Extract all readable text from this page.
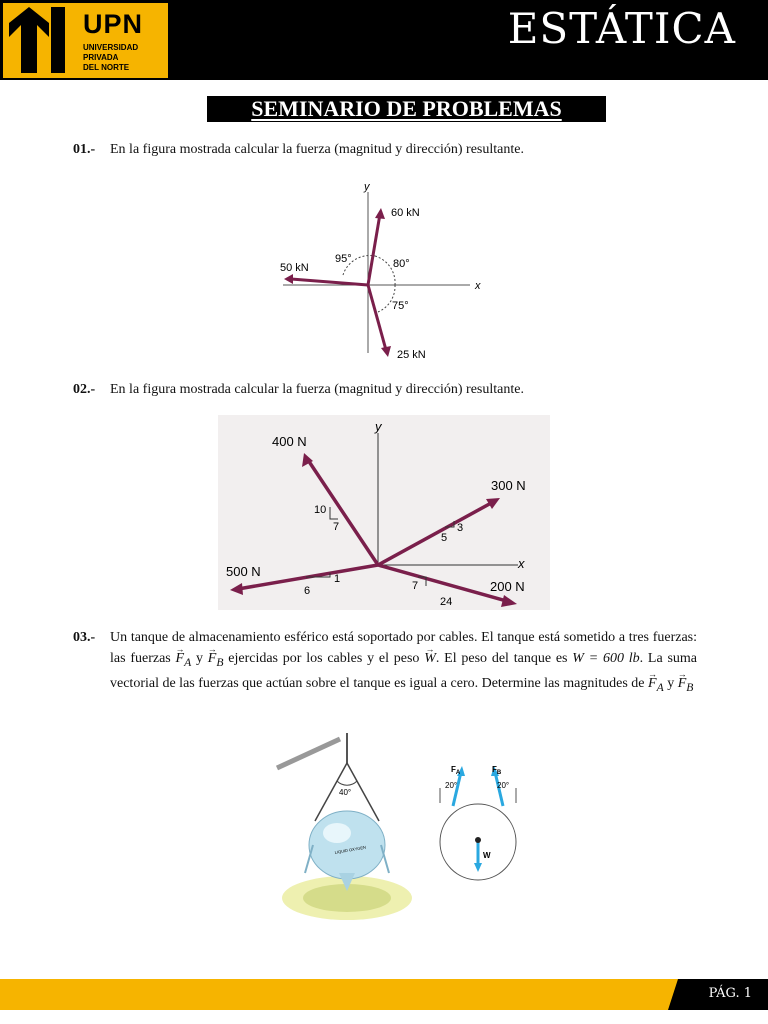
UPN
UNIVERSIDAD
PRIVADA
DEL NORTE
ESTÁTICA
SEMINARIO DE PROBLEMAS
01.- En la figura mostrada calcular la fuerza (magnitud y dirección) resultante.
x
y
60 kN
50 kN
25 kN
95°	80°
75°
02.- En la figura mostrada calcular la fuerza (magnitud y dirección) resultante.
x
y
400 N
300 N
500 N
200 N
10
7	3
5
1
6	7
24
03.- Un tanque de almacenamiento esférico está soportado por cables. El tanque está sometido a tres fuerzas: las fuerzas → $F_A$ $y \to F_B$ ejercidas por los cables y el peso → W. El peso del tanque es W = 600 lb. La suma vectorial de las fuerzas que actúan sobre el tanque es igual a cero. Determine las magnitudes de → $F_A$ $y \to F_B$
40°
LIQUID OXYGEN
$F_A$	$F_B$
20°	20°
W
PÁG. 1
